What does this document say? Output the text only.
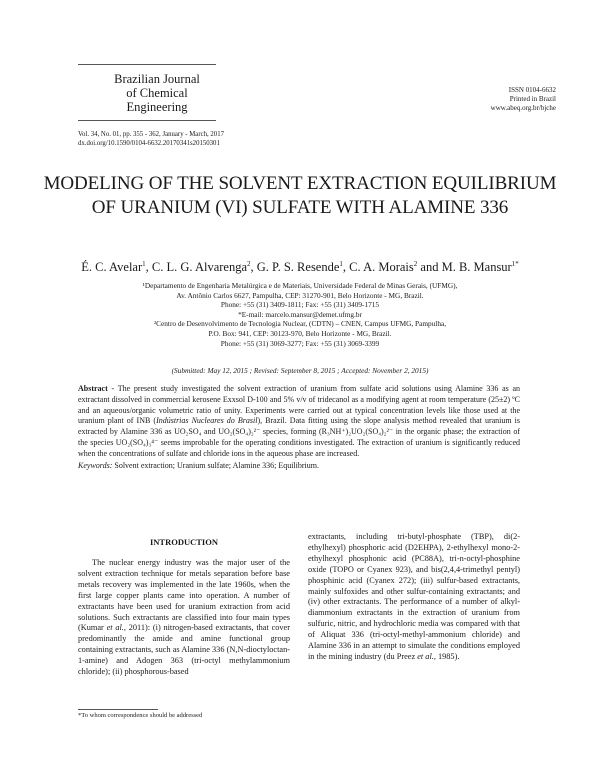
Brazilian Journal
of Chemical
Engineering
ISSN 0104-6632
Printed in Brazil
www.abeq.org.br/bjche
Vol. 34, No. 01, pp. 355 - 362, January - March, 2017
dx.doi.org/10.1590/0104-6632.20170341s20150301
MODELING OF THE SOLVENT EXTRACTION EQUILIBRIUM OF URANIUM (VI) SULFATE WITH ALAMINE 336
É. C. Avelar$^1$, C. L. G. Alvarenga$^2$, G. P. S. Resende$^1$, C. A. Morais$^2$ and M. B. Mansur$^{1*}$
¹Departamento de Engenharia Metalúrgica e de Materiais, Universidade Federal de Minas Gerais, (UFMG),
Av. Antônio Carlos 6627, Pampulha, CEP: 31270-901, Belo Horizonte - MG, Brazil.
Phone: +55 (31) 3409-1811; Fax: +55 (31) 3409-1715
*E-mail: marcelo.mansur@demet.ufmg.br
²Centro de Desenvolvimento de Tecnologia Nuclear, (CDTN) – CNEN, Campus UFMG, Pampulha,
P.O. Box: 941, CEP: 30123-970, Belo Horizonte - MG, Brazil.
Phone: +55 (31) 3069-3277; Fax: +55 (31) 3069-3399
(Submitted: May 12, 2015 ; Revised: September 8, 2015 ; Accepted: November 2, 2015)
Abstract - The present study investigated the solvent extraction of uranium from sulfate acid solutions using Alamine 336 as an extractant dissolved in commercial kerosene Exxsol D-100 and 5% v/v of tridecanol as a modifying agent at room temperature (25±2) ºC and an aqueous/organic volumetric ratio of unity. Experiments were carried out at typical concentration levels like those used at the uranium plant of INB (Indústrias Nucleares do Brasil), Brazil. Data fitting using the slope analysis method revealed that uranium is extracted by Alamine 336 as UO₂SO₄ and UO₂(SO₄)₂²⁻ species, forming (R₃NH⁺)₂UO₂(SO₄)₂²⁻ in the organic phase; the extraction of the species UO₂(SO₄)₃⁴⁻ seems improbable for the operating conditions investigated. The extraction of uranium is significantly reduced when the concentrations of sulfate and chloride ions in the aqueous phase are increased.
Keywords: Solvent extraction; Uranium sulfate; Alamine 336; Equilibrium.
INTRODUCTION
The nuclear energy industry was the major user of the solvent extraction technique for metals separation before base metals recovery was implemented in the late 1960s, when the first large copper plants came into operation. A number of extractants have been used for uranium extraction from acid solutions. Such extractants are classified into four main types (Kumar et al., 2011): (i) nitrogen-based extractants, that cover predominantly the amide and amine functional group containing extractants, such as Alamine 336 (N,N-dioctyloctan-1-amine) and Adogen 363 (tri-octyl methylammonium chloride); (ii) phosphorous-based
extractants, including tri-butyl-phosphate (TBP), di(2-ethylhexyl) phosphoric acid (D2EHPA), 2-ethylhexyl mono-2-ethylhexyl phosphonic acid (PC88A), tri-n-octyl-phosphine oxide (TOPO or Cyanex 923), and bis(2,4,4-trimethyl pentyl) phosphinic acid (Cyanex 272); (iii) sulfur-based extractants, mainly sulfoxides and other sulfur-containing extractants; and (iv) other extractants. The performance of a number of alkyl-diammonium extractants in the extraction of uranium from sulfuric, nitric, and hydrochloric media was compared with that of Aliquat 336 (tri-octyl-methyl-ammonium chloride) and Alamine 336 in an attempt to simulate the conditions employed in the mining industry (du Preez et al., 1985).
*To whom correspondence should be addressed
